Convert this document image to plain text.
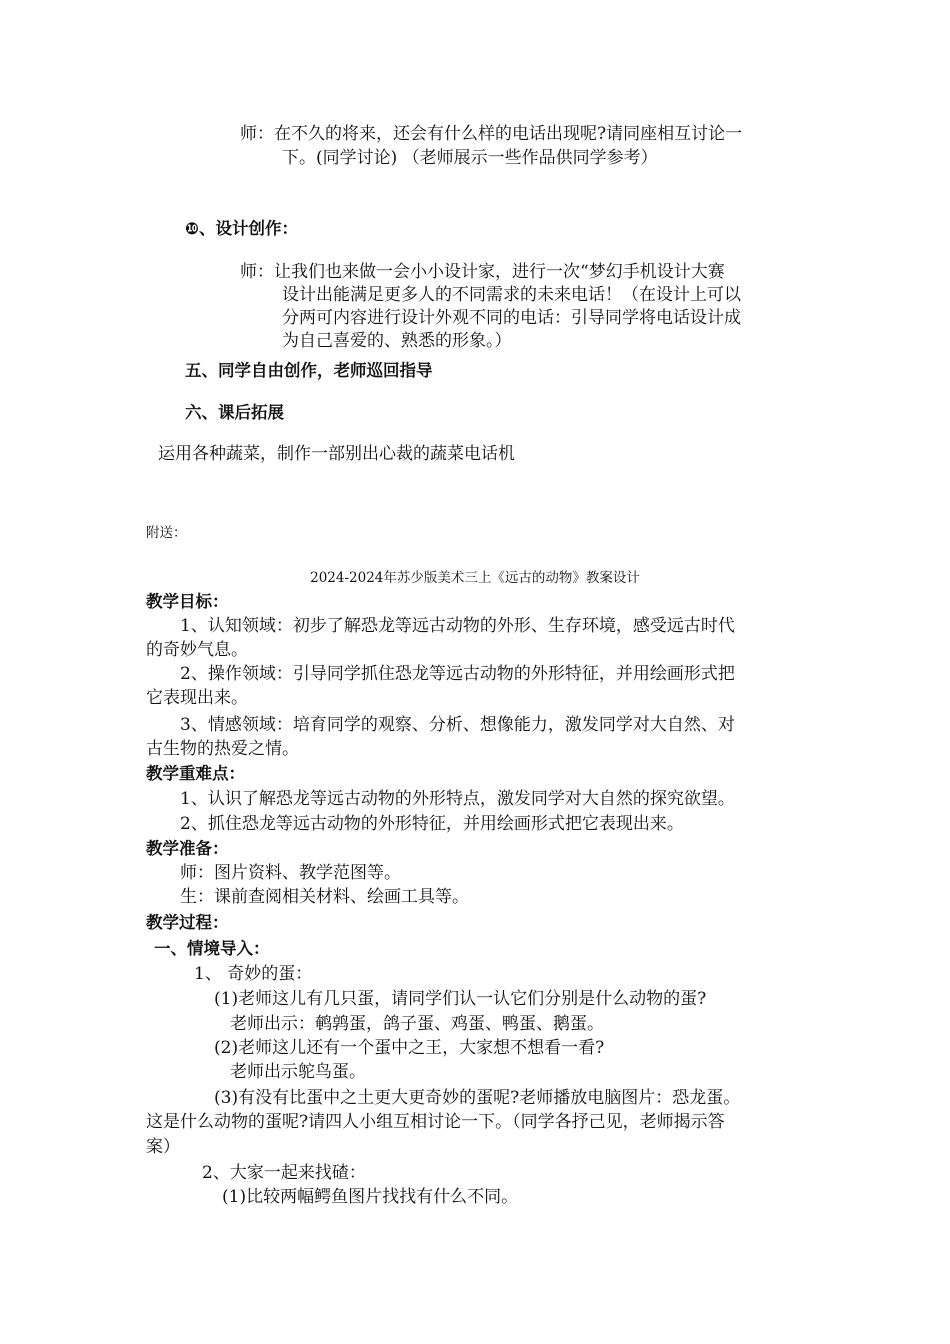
师：在不久的将来，还会有什么样的电话出现呢?请同座相互讨论一
下。(同学讨论) （老师展示一些作品供同学参考）
❿、设计创作：
师：让我们也来做一会小小设计家，进行一次“梦幻手机设计大赛
设计出能满足更多人的不同需求的未来电话！（在设计上可以
分两可内容进行设计外观不同的电话：引导同学将电话设计成
为自己喜爱的、熟悉的形象。）
五、同学自由创作，老师巡回指导
六、课后拓展
运用各种蔬菜，制作一部别出心裁的蔬菜电话机
附送：
2024-2024年苏少版美术三上《远古的动物》教案设计
教学目标：
1、认知领域：初步了解恐龙等远古动物的外形、生存环境，感受远古时代
的奇妙气息。
2、操作领域：引导同学抓住恐龙等远古动物的外形特征，并用绘画形式把
它表现出来。
3、情感领域：培育同学的观察、分析、想像能力，激发同学对大自然、对
古生物的热爱之情。
教学重难点：
1、认识了解恐龙等远古动物的外形特点，激发同学对大自然的探究欲望。
2、抓住恐龙等远古动物的外形特征，并用绘画形式把它表现出来。
教学准备：
师：图片资料、教学范图等。
生：课前查阅相关材料、绘画工具等。
教学过程：
一、情境导入：
1、 奇妙的蛋：
(1)老师这儿有几只蛋，请同学们认一认它们分别是什么动物的蛋?
老师出示：鹌鹑蛋，鸽子蛋、鸡蛋、鸭蛋、鹅蛋。
(2)老师这儿还有一个蛋中之王，大家想不想看一看?
老师出示鸵鸟蛋。
(3)有没有比蛋中之土更大更奇妙的蛋呢?老师播放电脑图片：恐龙蛋。
这是什么动物的蛋呢?请四人小组互相讨论一下。（同学各抒己见，老师揭示答
案）
2、大家一起来找碴：
(1)比较两幅鳄鱼图片找找有什么不同。
